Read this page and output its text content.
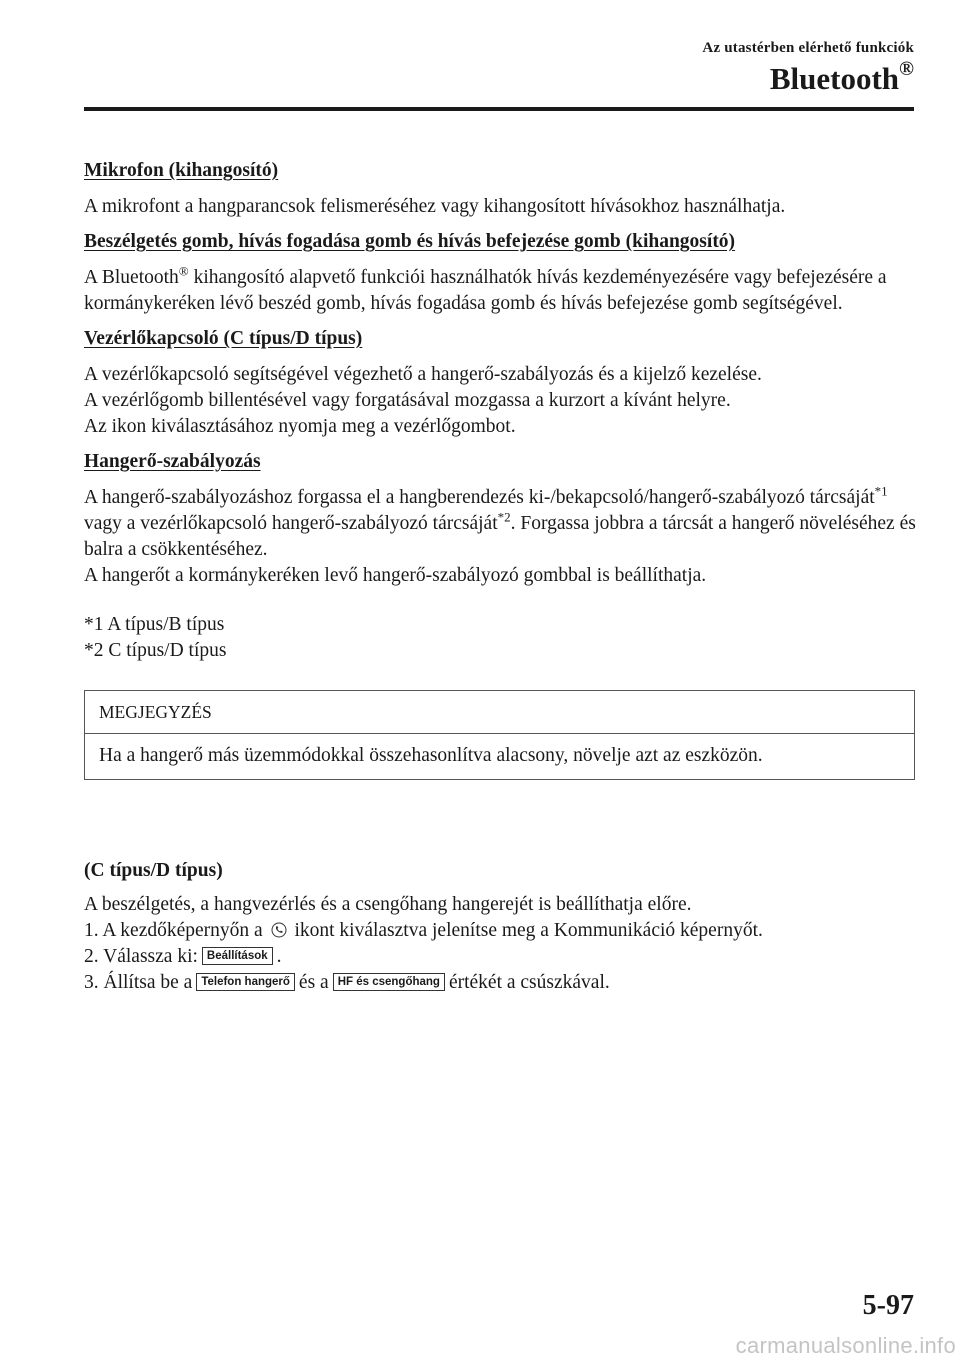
Az utastérben elérhető funkciók
Bluetooth®
Mikrofon (kihangosító)
A mikrofont a hangparancsok felismeréséhez vagy kihangosított hívásokhoz használhatja.
Beszélgetés gomb, hívás fogadása gomb és hívás befejezése gomb (kihangosító)
A Bluetooth® kihangosító alapvető funkciói használhatók hívás kezdeményezésére vagy befejezésére a kormánykeréken lévő beszéd gomb, hívás fogadása gomb és hívás befejezése gomb segítségével.
Vezérlőkapcsoló (C típus/D típus)
A vezérlőkapcsoló segítségével végezhető a hangerő-szabályozás és a kijelző kezelése.
A vezérlőgomb billentésével vagy forgatásával mozgassa a kurzort a kívánt helyre.
Az ikon kiválasztásához nyomja meg a vezérlőgombot.
Hangerő-szabályozás
A hangerő-szabályozáshoz forgassa el a hangberendezés ki-/bekapcsoló/hangerő-szabályozó tárcsáját$^{*1}$ vagy a vezérlőkapcsoló hangerő-szabályozó tárcsáját$^{*2}$. Forgassa jobbra a tárcsát a hangerő növeléséhez és balra a csökkentéséhez.
A hangerőt a kormánykeréken levő hangerő-szabályozó gombbal is beállíthatja.
*1 A típus/B típus
*2 C típus/D típus
MEGJEGYZÉS
Ha a hangerő más üzemmódokkal összehasonlítva alacsony, növelje azt az eszközön.
(C típus/D típus)
A beszélgetés, a hangvezérlés és a csengőhang hangerejét is beállíthatja előre.
1. A kezdőképernyőn a ikont kiválasztva jelenítse meg a Kommunikáció képernyőt.
2. Válassza ki: Beállítások .
3. Állítsa be a Telefon hangerő és a HF és csengőhang értékét a csúszkával.
5-97
carmanualsonline.info
